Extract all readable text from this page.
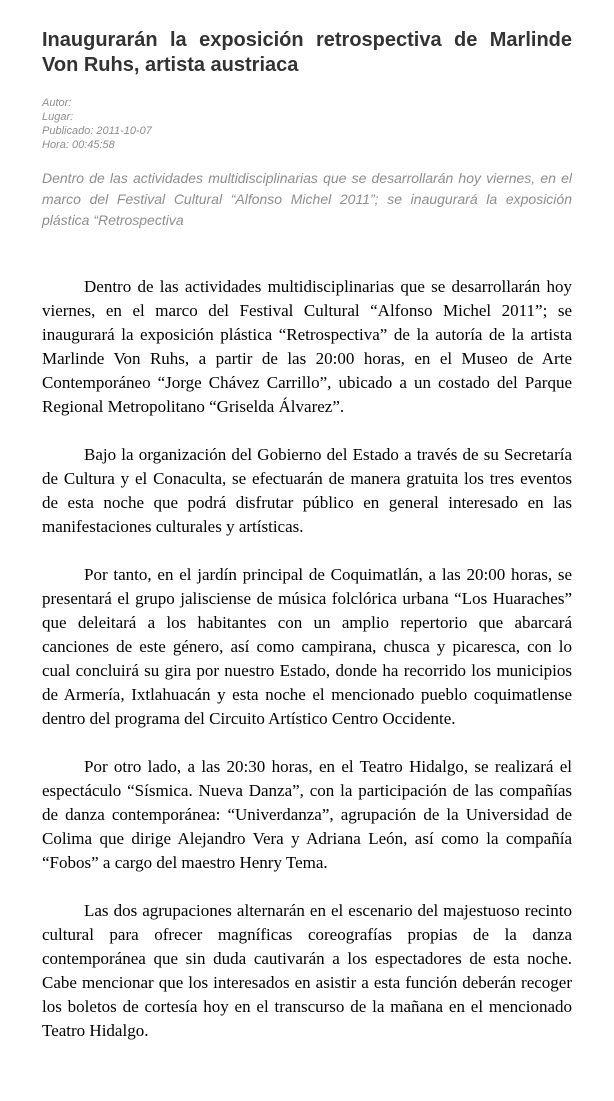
Inaugurarán la exposición retrospectiva de Marlinde Von Ruhs, artista austriaca
Autor:
Lugar:
Publicado: 2011-10-07
Hora: 00:45:58

Dentro de las actividades multidisciplinarias que se desarrollarán hoy viernes, en el marco del Festival Cultural “Alfonso Michel 2011”; se inaugurará la exposición plástica “Retrospectiva

Dentro de las actividades multidisciplinarias que se desarrollarán hoy viernes, en el marco del Festival Cultural “Alfonso Michel 2011”; se inaugurará la exposición plástica “Retrospectiva” de la autoría de la artista Marlinde Von Ruhs, a partir de las 20:00 horas, en el Museo de Arte Contemporáneo “Jorge Chávez Carrillo”, ubicado a un costado del Parque Regional Metropolitano “Griselda Álvarez”.

Bajo la organización del Gobierno del Estado a través de su Secretaría de Cultura y el Conaculta, se efectuarán de manera gratuita los tres eventos de esta noche que podrá disfrutar público en general interesado en las manifestaciones culturales y artísticas.

Por tanto, en el jardín principal de Coquimatlán, a las 20:00 horas, se presentará el grupo jalisciense de música folclórica urbana “Los Huaraches” que deleitará a los habitantes con un amplio repertorio que abarcará canciones de este género, así como campirana, chusca y picaresca, con lo cual concluirá su gira por nuestro Estado, donde ha recorrido los municipios de Armería, Ixtlahuacán y esta noche el mencionado pueblo coquimatlense dentro del programa del Circuito Artístico Centro Occidente.

Por otro lado, a las 20:30 horas, en el Teatro Hidalgo, se realizará el espectáculo “Sísmica. Nueva Danza”, con la participación de las compañías de danza contemporánea: “Univerdanza”, agrupación de la Universidad de Colima que dirige Alejandro Vera y Adriana León, así como la compañía “Fobos” a cargo del maestro Henry Tema.

Las dos agrupaciones alternarán en el escenario del majestuoso recinto cultural para ofrecer magníficas coreografías propias de la danza contemporánea que sin duda cautivarán a los espectadores de esta noche. Cabe mencionar que los interesados en asistir a esta función deberán recoger los boletos de cortesía hoy en el transcurso de la mañana en el mencionado Teatro Hidalgo.
